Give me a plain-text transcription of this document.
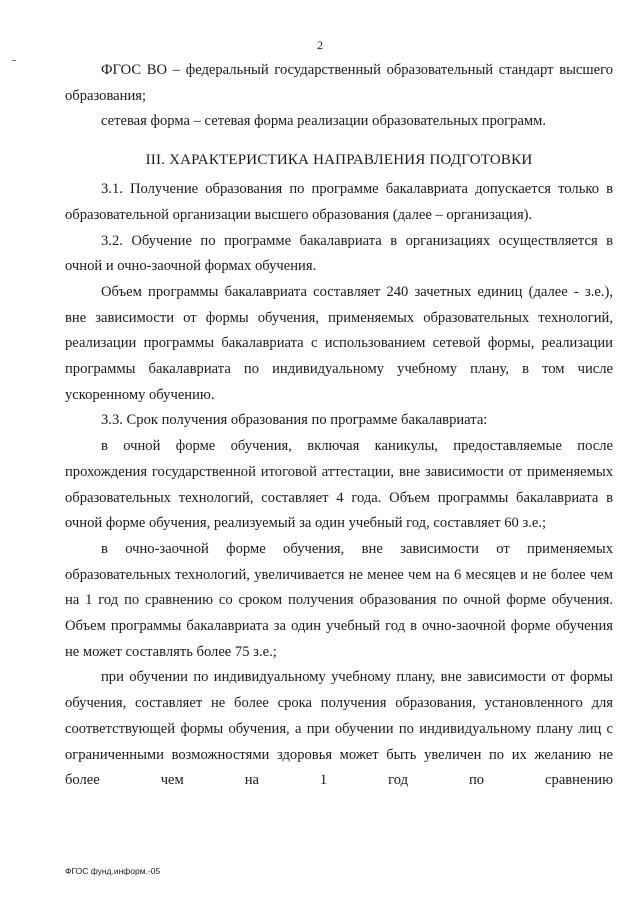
2

ФГОС ВО – федеральный государственный образовательный стандарт высшего образования;

сетевая форма – сетевая форма реализации образовательных программ.

III. ХАРАКТЕРИСТИКА НАПРАВЛЕНИЯ ПОДГОТОВКИ

3.1. Получение образования по программе бакалавриата допускается только в образовательной организации высшего образования (далее – организация).

3.2. Обучение по программе бакалавриата в организациях осуществляется в очной и очно-заочной формах обучения.

Объем программы бакалавриата составляет 240 зачетных единиц (далее - з.е.), вне зависимости от формы обучения, применяемых образовательных технологий, реализации программы бакалавриата с использованием сетевой формы, реализации программы бакалавриата по индивидуальному учебному плану, в том числе ускоренному обучению.

3.3. Срок получения образования по программе бакалавриата:

в очной форме обучения, включая каникулы, предоставляемые после прохождения государственной итоговой аттестации, вне зависимости от применяемых образовательных технологий, составляет 4 года. Объем программы бакалавриата в очной форме обучения, реализуемый за один учебный год, составляет 60 з.е.;

в очно-заочной форме обучения, вне зависимости от применяемых образовательных технологий, увеличивается не менее чем на 6 месяцев и не более чем на 1 год по сравнению со сроком получения образования по очной форме обучения. Объем программы бакалавриата за один учебный год в очно-заочной форме обучения не может составлять более 75 з.е.;

при обучении по индивидуальному учебному плану, вне зависимости от формы обучения, составляет не более срока получения образования, установленного для соответствующей формы обучения, а при обучении по индивидуальному плану лиц с ограниченными возможностями здоровья может быть увеличен по их желанию не более чем на 1 год по сравнению

ФГОС фунд.информ.-05
